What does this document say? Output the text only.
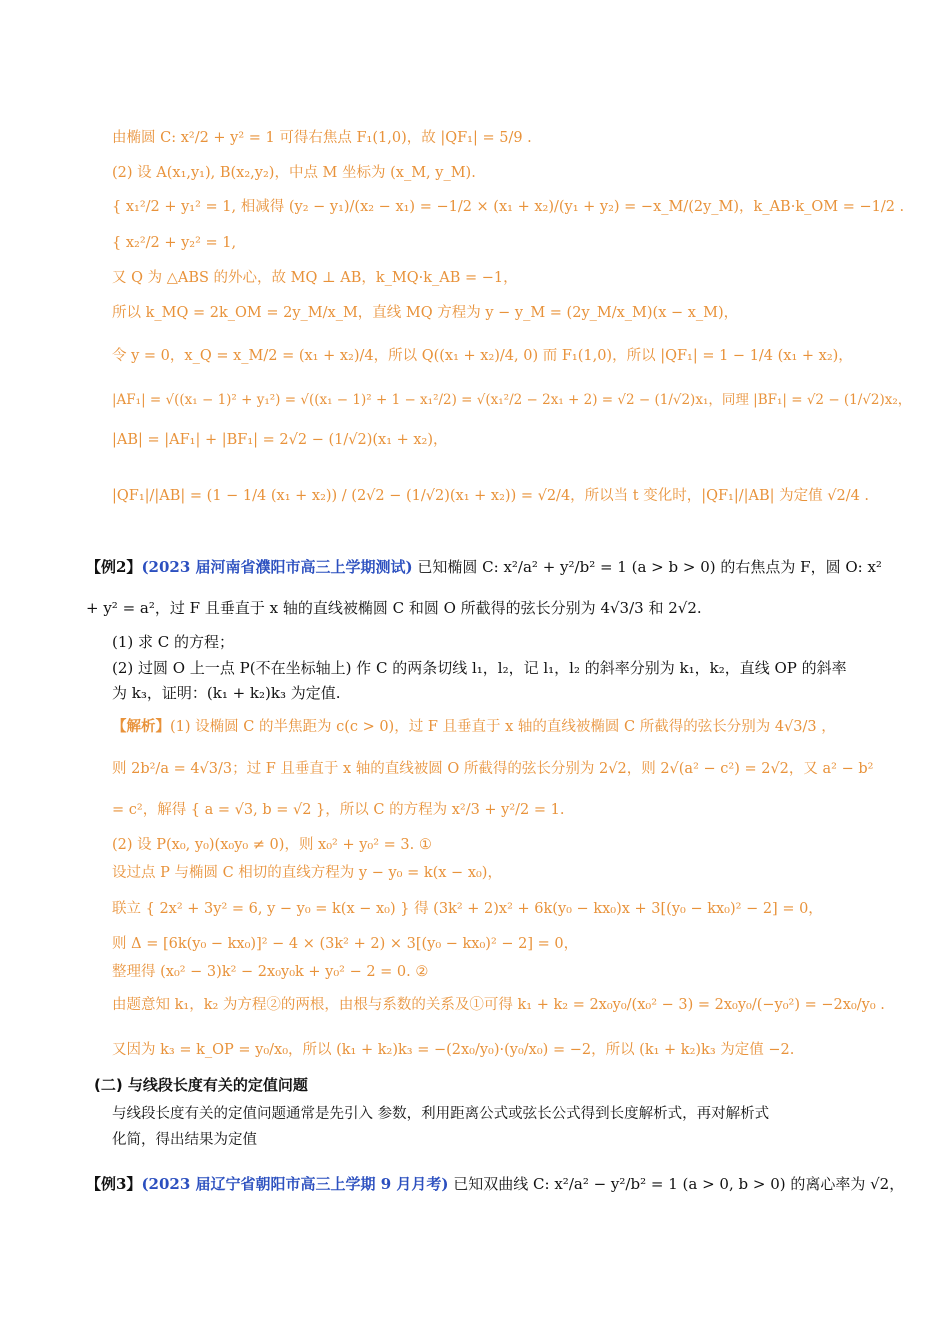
由椭圆 C: x²/2 + y² = 1 可得右焦点 F₁(1,0)，故 |QF₁| = 5/9 .
(2) 设 A(x₁,y₁), B(x₂,y₂)，中点 M 坐标为 (x_M, y_M).
{ x₁²/2 + y₁² = 1, 相减得 (y₂ − y₁)/(x₂ − x₁) = −1/2 × (x₁ + x₂)/(y₁ + y₂) = −x_M/(2y_M)，k_AB·k_OM = −1/2 .
{ x₂²/2 + y₂² = 1,
又 Q 为 △ABS 的外心，故 MQ ⊥ AB，k_MQ·k_AB = −1，
所以 k_MQ = 2k_OM = 2y_M/x_M，直线 MQ 方程为 y − y_M = (2y_M/x_M)(x − x_M)，
令 y = 0，x_Q = x_M/2 = (x₁ + x₂)/4，所以 Q((x₁ + x₂)/4, 0) 而 F₁(1,0)，所以 |QF₁| = 1 − 1/4 (x₁ + x₂)，
|AF₁| = √((x₁ − 1)² + y₁²) = √((x₁ − 1)² + 1 − x₁²/2) = √(x₁²/2 − 2x₁ + 2) = √2 − (1/√2)x₁，同理 |BF₁| = √2 − (1/√2)x₂，
|AB| = |AF₁| + |BF₁| = 2√2 − (1/√2)(x₁ + x₂)，
|QF₁|/|AB| = (1 − 1/4 (x₁ + x₂)) / (2√2 − (1/√2)(x₁ + x₂)) = √2/4，所以当 t 变化时，|QF₁|/|AB| 为定值 √2/4 .
【例2】(2023 届河南省濮阳市高三上学期测试) 已知椭圆 C: x²/a² + y²/b² = 1 (a > b > 0) 的右焦点为 F，圆 O: x²
+ y² = a²，过 F 且垂直于 x 轴的直线被椭圆 C 和圆 O 所截得的弦长分别为 4√3/3 和 2√2.
(1) 求 C 的方程；
(2) 过圆 O 上一点 P(不在坐标轴上) 作 C 的两条切线 l₁，l₂，记 l₁，l₂ 的斜率分别为 k₁，k₂，直线 OP 的斜率
为 k₃，证明：(k₁ + k₂)k₃ 为定值.
【解析】(1) 设椭圆 C 的半焦距为 c(c > 0)，过 F 且垂直于 x 轴的直线被椭圆 C 所截得的弦长分别为 4√3/3 ，
则 2b²/a = 4√3/3；过 F 且垂直于 x 轴的直线被圆 O 所截得的弦长分别为 2√2，则 2√(a² − c²) = 2√2，又 a² − b²
= c²，解得 { a = √3, b = √2 }，所以 C 的方程为 x²/3 + y²/2 = 1.
(2) 设 P(x₀, y₀)(x₀y₀ ≠ 0)，则 x₀² + y₀² = 3. ①
设过点 P 与椭圆 C 相切的直线方程为 y − y₀ = k(x − x₀)，
联立 { 2x² + 3y² = 6, y − y₀ = k(x − x₀) } 得 (3k² + 2)x² + 6k(y₀ − kx₀)x + 3[(y₀ − kx₀)² − 2] = 0，
则 Δ = [6k(y₀ − kx₀)]² − 4 × (3k² + 2) × 3[(y₀ − kx₀)² − 2] = 0，
整理得 (x₀² − 3)k² − 2x₀y₀k + y₀² − 2 = 0. ②
由题意知 k₁，k₂ 为方程②的两根，由根与系数的关系及①可得 k₁ + k₂ = 2x₀y₀/(x₀² − 3) = 2x₀y₀/(−y₀²) = −2x₀/y₀ .
又因为 k₃ = k_OP = y₀/x₀，所以 (k₁ + k₂)k₃ = −(2x₀/y₀)·(y₀/x₀) = −2，所以 (k₁ + k₂)k₃ 为定值 −2.
(二) 与线段长度有关的定值问题
与线段长度有关的定值问题通常是先引入 参数，利用距离公式或弦长公式得到长度解析式，再对解析式
化简，得出结果为定值
【例3】(2023 届辽宁省朝阳市高三上学期 9 月月考) 已知双曲线 C: x²/a² − y²/b² = 1 (a > 0, b > 0) 的离心率为 √2，
